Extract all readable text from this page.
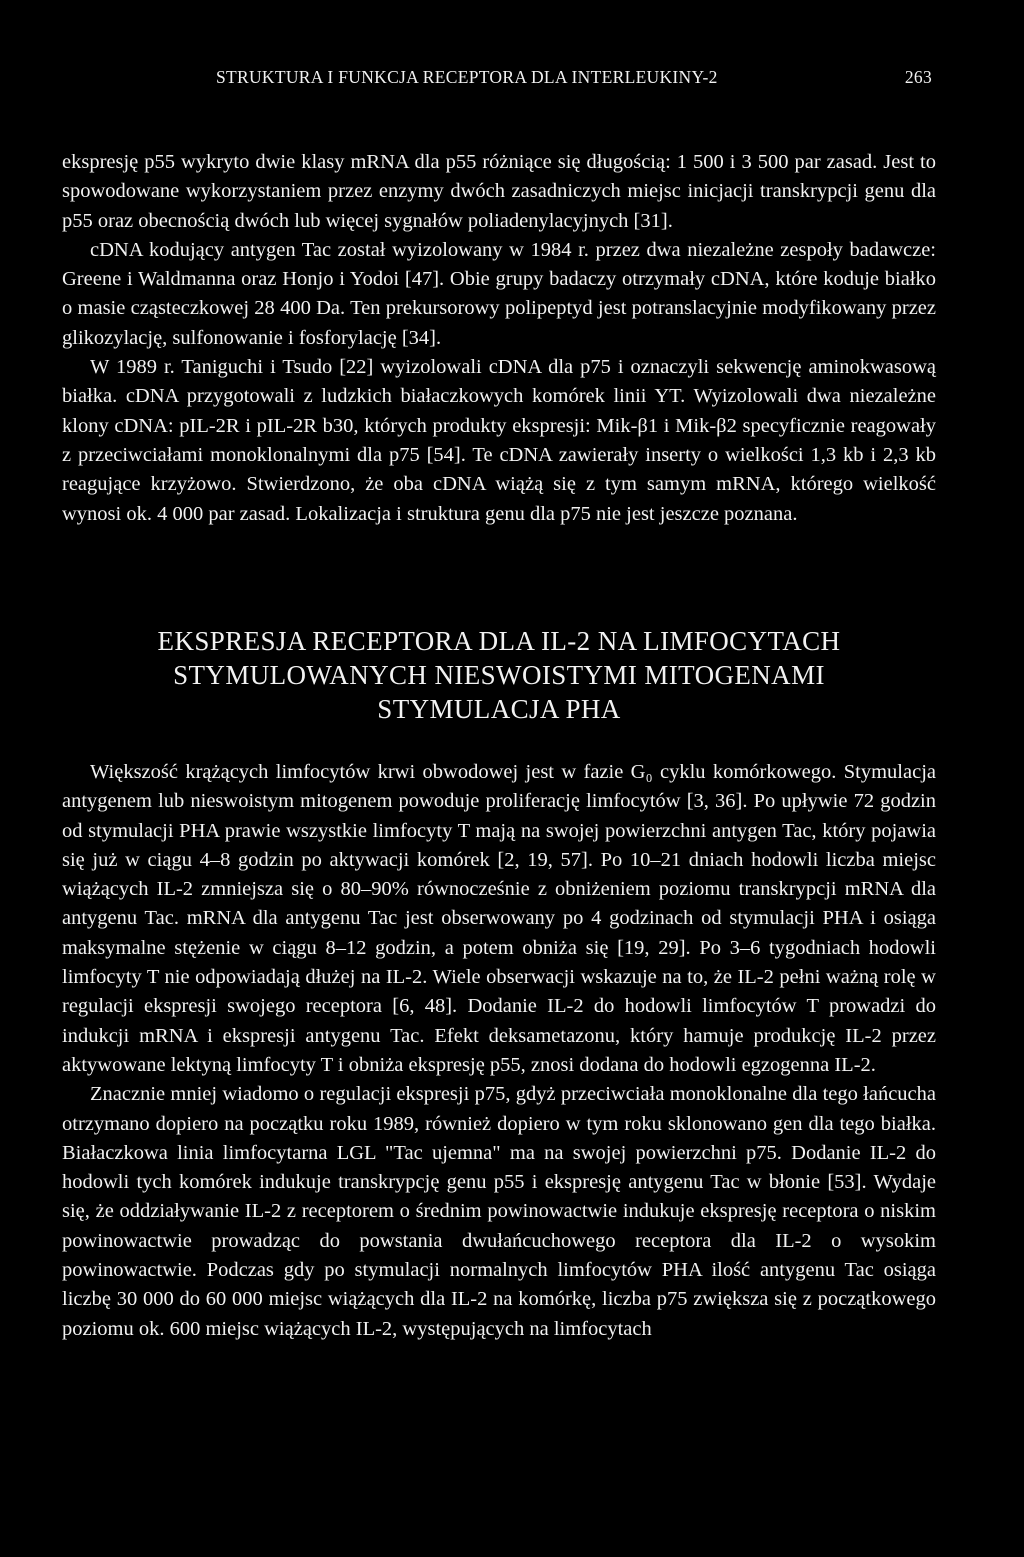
STRUKTURA I FUNKCJA RECEPTORA DLA INTERLEUKINY-2	263

ekspresję p55 wykryto dwie klasy mRNA dla p55 różniące się długością: 1 500 i 3 500 par zasad. Jest to spowodowane wykorzystaniem przez enzymy dwóch zasadniczych miejsc inicjacji transkrypcji genu dla p55 oraz obecnością dwóch lub więcej sygnałów poliadenylacyjnych [31].

cDNA kodujący antygen Tac został wyizolowany w 1984 r. przez dwa niezależne zespoły badawcze: Greene i Waldmanna oraz Honjo i Yodoi [47]. Obie grupy badaczy otrzymały cDNA, które koduje białko o masie cząsteczkowej 28 400 Da. Ten prekursorowy polipeptyd jest potranslacyjnie modyfikowany przez glikozylację, sulfonowanie i fosforylację [34].

W 1989 r. Taniguchi i Tsudo [22] wyizolowali cDNA dla p75 i oznaczyli sekwencję aminokwasową białka. cDNA przygotowali z ludzkich białaczkowych komórek linii YT. Wyizolowali dwa niezależne klony cDNA: pIL-2R i pIL-2R b30, których produkty ekspresji: Mik-β1 i Mik-β2 specyficznie reagowały z przeciwciałami monoklonalnymi dla p75 [54]. Te cDNA zawierały inserty o wielkości 1,3 kb i 2,3 kb reagujące krzyżowo. Stwierdzono, że oba cDNA wiążą się z tym samym mRNA, którego wielkość wynosi ok. 4 000 par zasad. Lokalizacja i struktura genu dla p75 nie jest jeszcze poznana.

EKSPRESJA RECEPTORA DLA IL-2 NA LIMFOCYTACH
STYMULOWANYCH NIESWOISTYMI MITOGENAMI
STYMULACJA PHA

Większość krążących limfocytów krwi obwodowej jest w fazie G₀ cyklu komórkowego. Stymulacja antygenem lub nieswoistym mitogenem powoduje proliferację limfocytów [3, 36]. Po upływie 72 godzin od stymulacji PHA prawie wszystkie limfocyty T mają na swojej powierzchni antygen Tac, który pojawia się już w ciągu 4–8 godzin po aktywacji komórek [2, 19, 57]. Po 10–21 dniach hodowli liczba miejsc wiążących IL-2 zmniejsza się o 80–90% równocześnie z obniżeniem poziomu transkrypcji mRNA dla antygenu Tac. mRNA dla antygenu Tac jest obserwowany po 4 godzinach od stymulacji PHA i osiąga maksymalne stężenie w ciągu 8–12 godzin, a potem obniża się [19, 29]. Po 3–6 tygodniach hodowli limfocyty T nie odpowiadają dłużej na IL-2. Wiele obserwacji wskazuje na to, że IL-2 pełni ważną rolę w regulacji ekspresji swojego receptora [6, 48]. Dodanie IL-2 do hodowli limfocytów T prowadzi do indukcji mRNA i ekspresji antygenu Tac. Efekt deksametazonu, który hamuje produkcję IL-2 przez aktywowane lektyną limfocyty T i obniża ekspresję p55, znosi dodana do hodowli egzogenna IL-2.

Znacznie mniej wiadomo o regulacji ekspresji p75, gdyż przeciwciała monoklonalne dla tego łańcucha otrzymano dopiero na początku roku 1989, również dopiero w tym roku sklonowano gen dla tego białka. Białaczkowa linia limfocytarna LGL "Tac ujemna" ma na swojej powierzchni p75. Dodanie IL-2 do hodowli tych komórek indukuje transkrypcję genu p55 i ekspresję antygenu Tac w błonie [53]. Wydaje się, że oddziaływanie IL-2 z receptorem o średnim powinowactwie indukuje ekspresję receptora o niskim powinowactwie prowadząc do powstania dwułańcuchowego receptora dla IL-2 o wysokim powinowactwie. Podczas gdy po stymulacji normalnych limfocytów PHA ilość antygenu Tac osiąga liczbę 30 000 do 60 000 miejsc wiążących dla IL-2 na komórkę, liczba p75 zwiększa się z początkowego poziomu ok. 600 miejsc wiążących IL-2, występujących na limfocytach
